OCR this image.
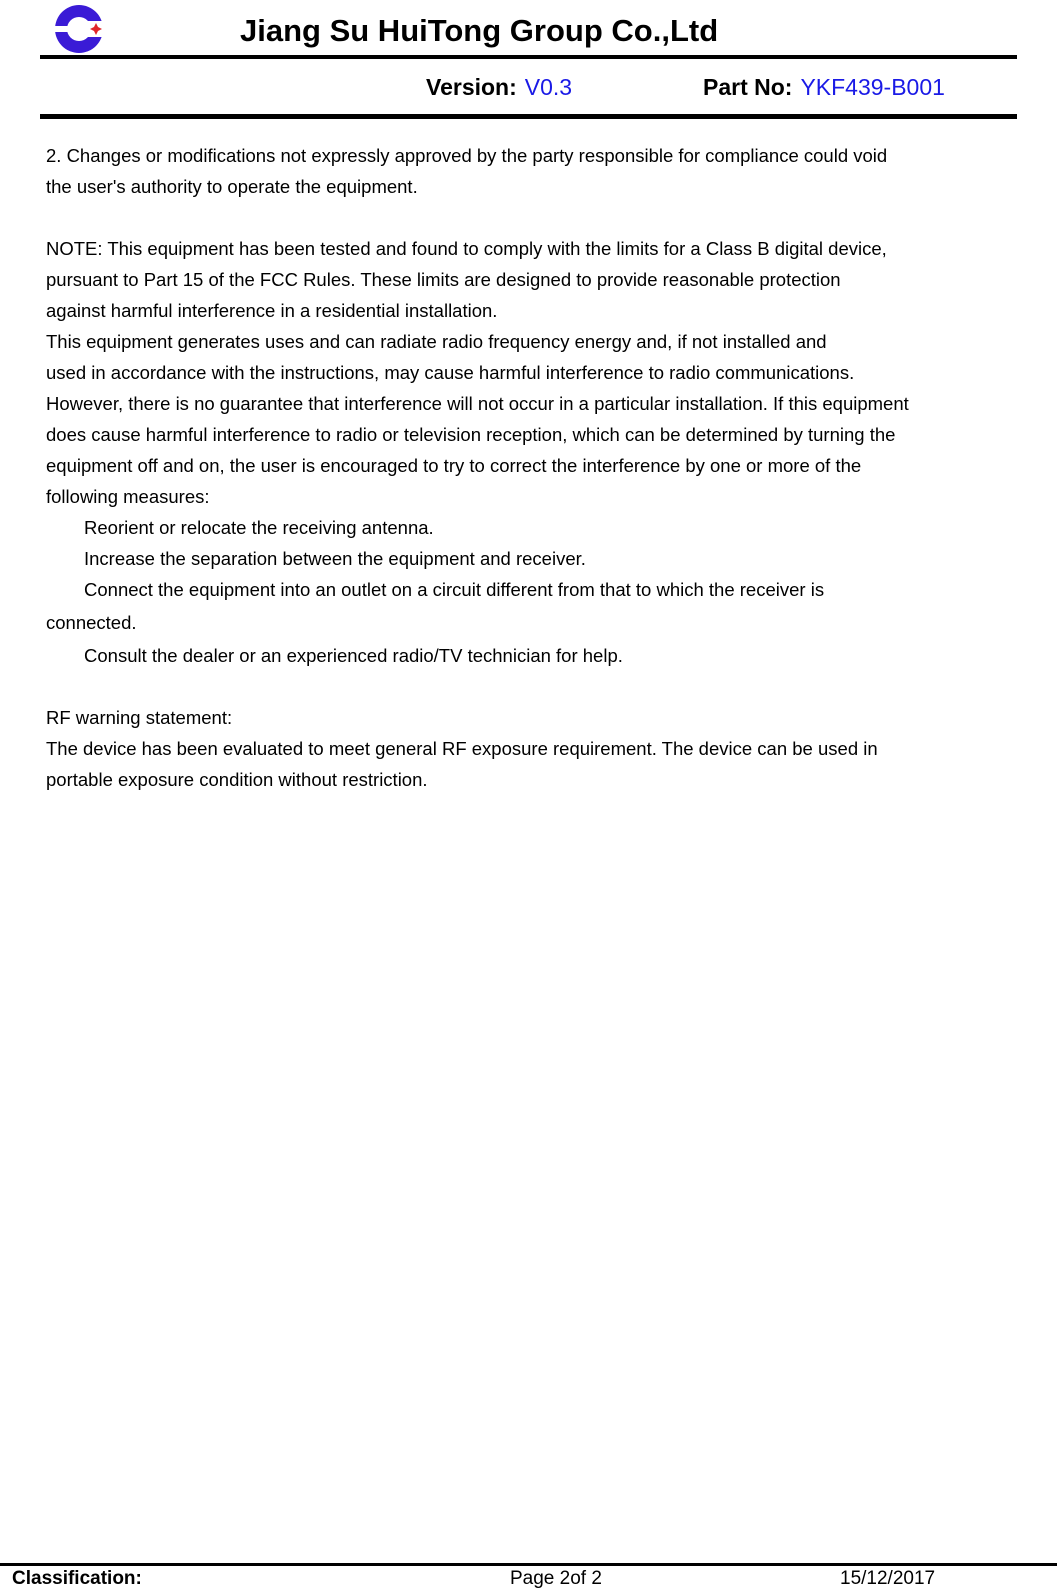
Jiang Su HuiTong Group Co.,Ltd
Version: V0.3	Part No: YKF439-B001
2. Changes or modifications not expressly approved by the party responsible for compliance could void
the user's authority to operate the equipment.
NOTE: This equipment has been tested and found to comply with the limits for a Class B digital device,
pursuant to Part 15 of the FCC Rules. These limits are designed to provide reasonable protection
against harmful interference in a residential installation.
This equipment generates uses and can radiate radio frequency energy and, if not installed and
used in accordance with the instructions, may cause harmful interference to radio communications.
However, there is no guarantee that interference will not occur in a particular installation. If this equipment
does cause harmful interference to radio or television reception, which can be determined by turning the
equipment off and on, the user is encouraged to try to correct the interference by one or more of the
following measures:
Reorient or relocate the receiving antenna.
Increase the separation between the equipment and receiver.
Connect the equipment into an outlet on a circuit different from that to which the receiver is
connected.
Consult the dealer or an experienced radio/TV technician for help.
RF warning statement:
The device has been evaluated to meet general RF exposure requirement. The device can be used in
portable exposure condition without restriction.
Classification:	Page 2of 2	15/12/2017
